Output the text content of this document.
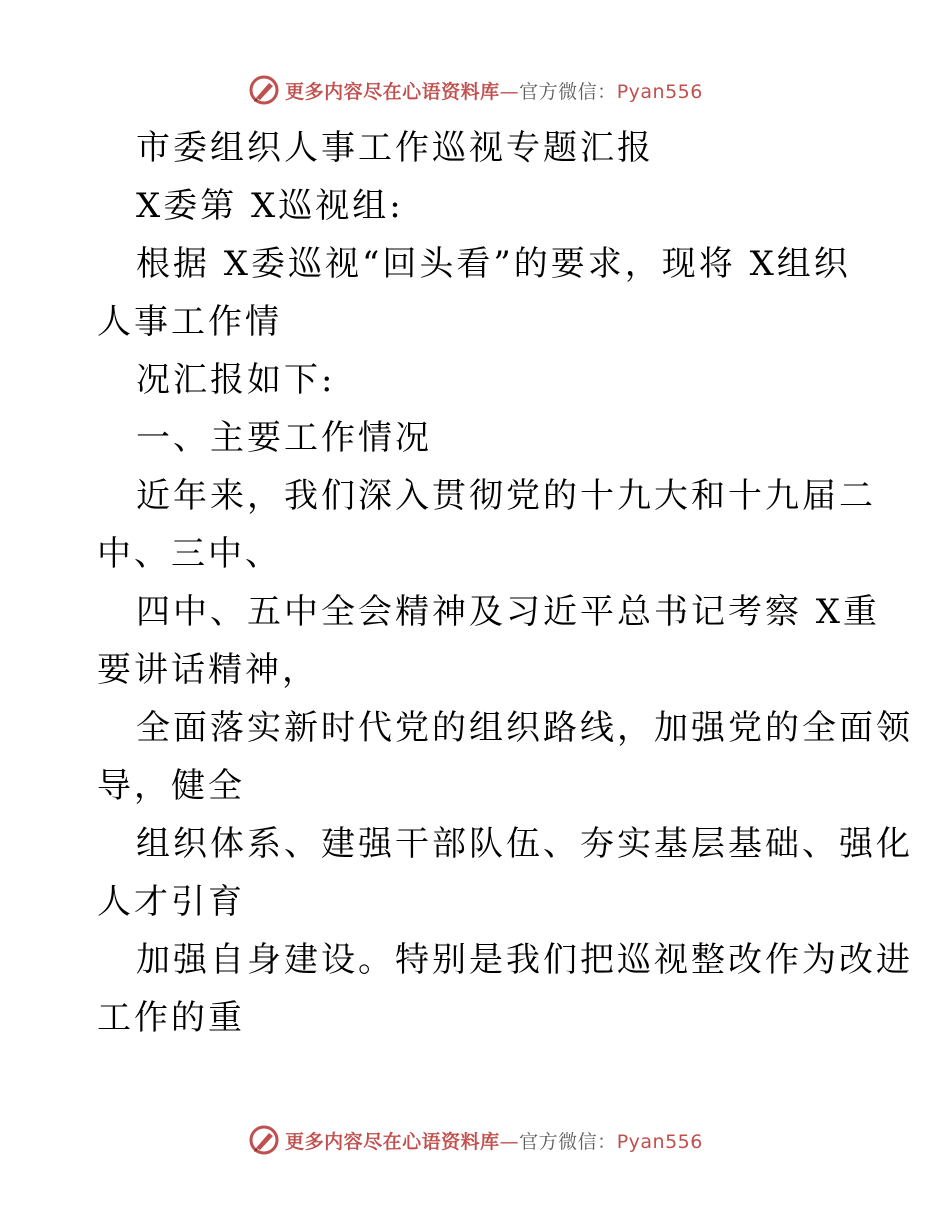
更多内容尽在心语资料库—官方微信：Pyan556
市委组织人事工作巡视专题汇报
X委第 X巡视组:
根据 X委巡视“回头看”的要求，现将 X组织
人事工作情
况汇报如下:
一、主要工作情况
近年来，我们深入贯彻党的十九大和十九届二
中、三中、
四中、五中全会精神及习近平总书记考察 X重
要讲话精神，
全面落实新时代党的组织路线，加强党的全面领
导，健全
组织体系、建强干部队伍、夯实基层基础、强化
人才引育
加强自身建设。特别是我们把巡视整改作为改进
工作的重
更多内容尽在心语资料库—官方微信：Pyan556
